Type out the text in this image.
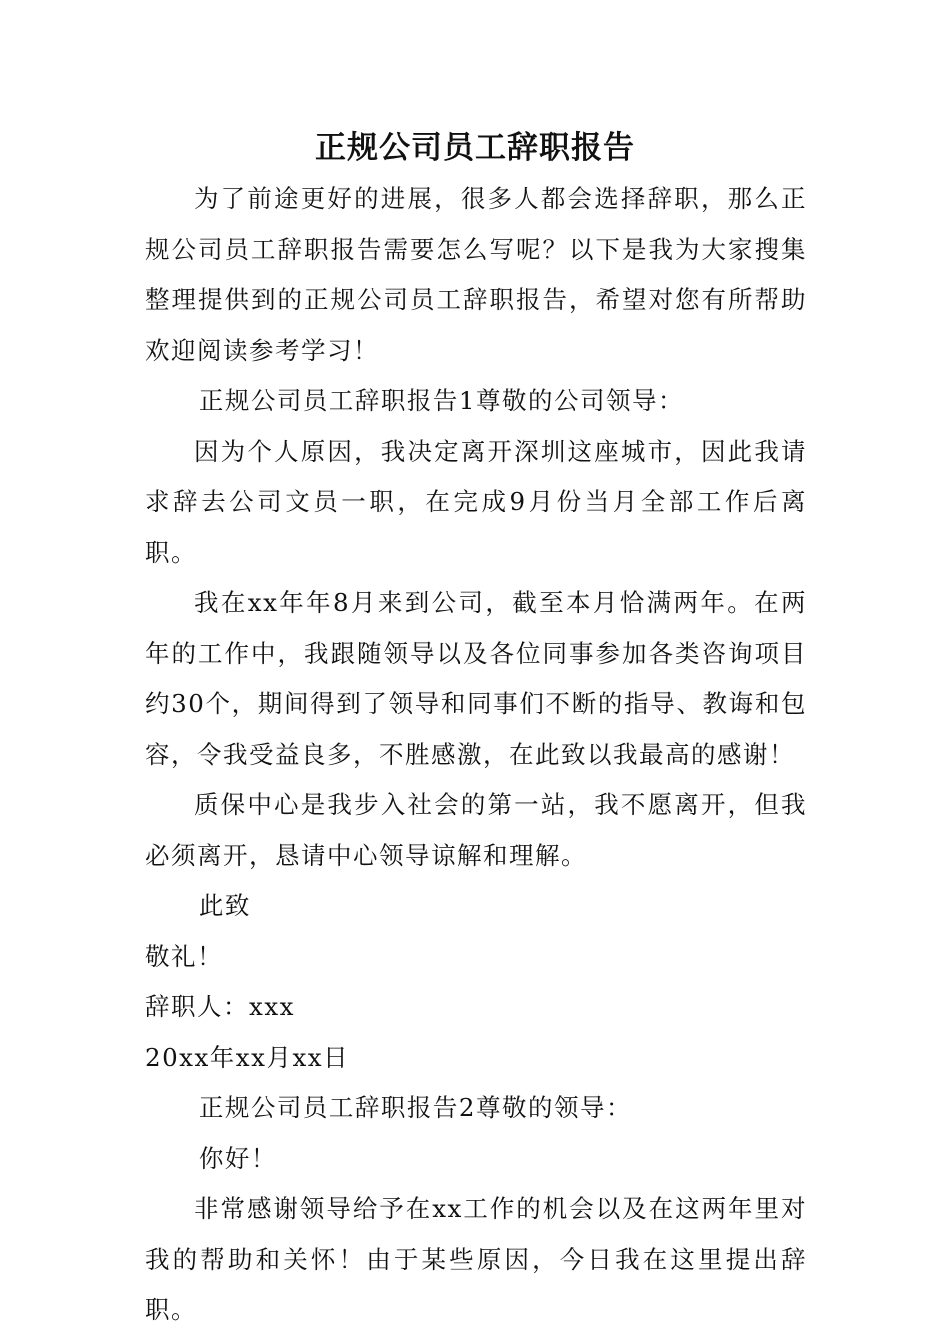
正规公司员工辞职报告

为了前途更好的进展，很多人都会选择辞职，那么正规公司员工辞职报告需要怎么写呢？以下是我为大家搜集整理提供到的正规公司员工辞职报告，希望对您有所帮助欢迎阅读参考学习！

正规公司员工辞职报告1尊敬的公司领导：

因为个人原因，我决定离开深圳这座城市，因此我请求辞去公司文员一职，在完成9月份当月全部工作后离职。

我在xx年年8月来到公司，截至本月恰满两年。在两年的工作中，我跟随领导以及各位同事参加各类咨询项目约30个，期间得到了领导和同事们不断的指导、教诲和包容，令我受益良多，不胜感激，在此致以我最高的感谢！

质保中心是我步入社会的第一站，我不愿离开，但我必须离开，恳请中心领导谅解和理解。

此致

敬礼！

辞职人：xxx

20xx年xx月xx日

正规公司员工辞职报告2尊敬的领导：

你好！

非常感谢领导给予在xx工作的机会以及在这两年里对我的帮助和关怀！由于某些原因，今日我在这里提出辞职。
